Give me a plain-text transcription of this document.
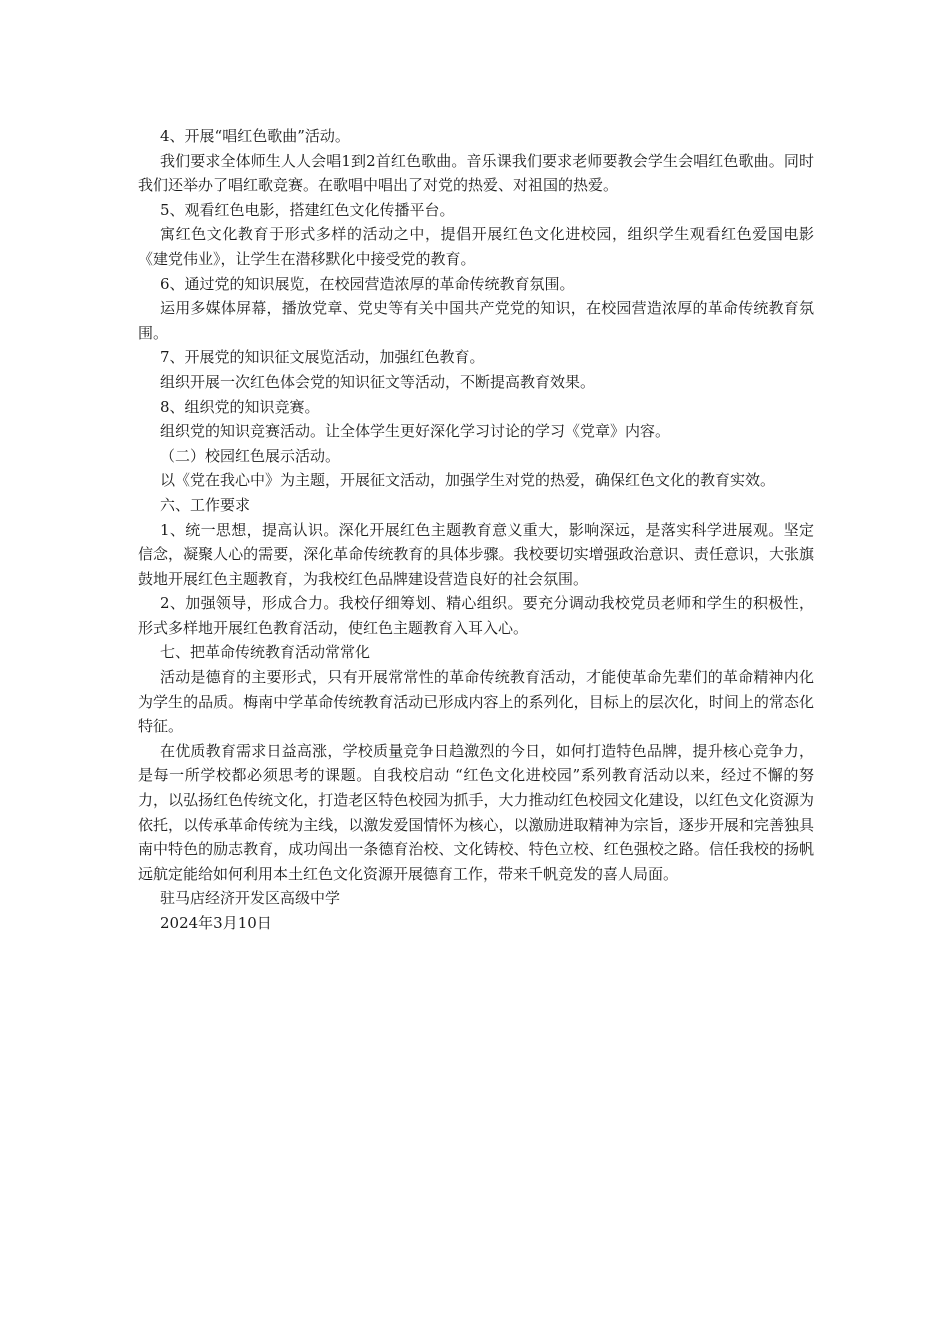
4、开展“唱红色歌曲”活动。

我们要求全体师生人人会唱1到2首红色歌曲。音乐课我们要求老师要教会学生会唱红色歌曲。同时我们还举办了唱红歌竞赛。在歌唱中唱出了对党的热爱、对祖国的热爱。

5、观看红色电影，搭建红色文化传播平台。

寓红色文化教育于形式多样的活动之中，提倡开展红色文化进校园，组织学生观看红色爱国电影《建党伟业》，让学生在潜移默化中接受党的教育。

6、通过党的知识展览，在校园营造浓厚的革命传统教育氛围。

运用多媒体屏幕，播放党章、党史等有关中国共产党党的知识，在校园营造浓厚的革命传统教育氛围。

7、开展党的知识征文展览活动，加强红色教育。

组织开展一次红色体会党的知识征文等活动，不断提高教育效果。

8、组织党的知识竞赛。

组织党的知识竞赛活动。让全体学生更好深化学习讨论的学习《党章》内容。

（二）校园红色展示活动。

以《党在我心中》为主题，开展征文活动，加强学生对党的热爱，确保红色文化的教育实效。

六、工作要求

1、统一思想，提高认识。深化开展红色主题教育意义重大，影响深远，是落实科学进展观。坚定信念，凝聚人心的需要，深化革命传统教育的具体步骤。我校要切实增强政治意识、责任意识，大张旗鼓地开展红色主题教育，为我校红色品牌建设营造良好的社会氛围。

2、加强领导，形成合力。我校仔细筹划、精心组织。要充分调动我校党员老师和学生的积极性，形式多样地开展红色教育活动，使红色主题教育入耳入心。

七、把革命传统教育活动常常化

活动是德育的主要形式，只有开展常常性的革命传统教育活动，才能使革命先辈们的革命精神内化为学生的品质。梅南中学革命传统教育活动已形成内容上的系列化，目标上的层次化，时间上的常态化特征。

在优质教育需求日益高涨，学校质量竞争日趋激烈的今日，如何打造特色品牌，提升核心竞争力，是每一所学校都必须思考的课题。自我校启动 “红色文化进校园”系列教育活动以来，经过不懈的努力，以弘扬红色传统文化，打造老区特色校园为抓手，大力推动红色校园文化建设，以红色文化资源为依托，以传承革命传统为主线，以激发爱国情怀为核心，以激励进取精神为宗旨，逐步开展和完善独具南中特色的励志教育，成功闯出一条德育治校、文化铸校、特色立校、红色强校之路。信任我校的扬帆远航定能给如何利用本土红色文化资源开展德育工作，带来千帆竞发的喜人局面。

驻马店经济开发区高级中学

2024年3月10日
